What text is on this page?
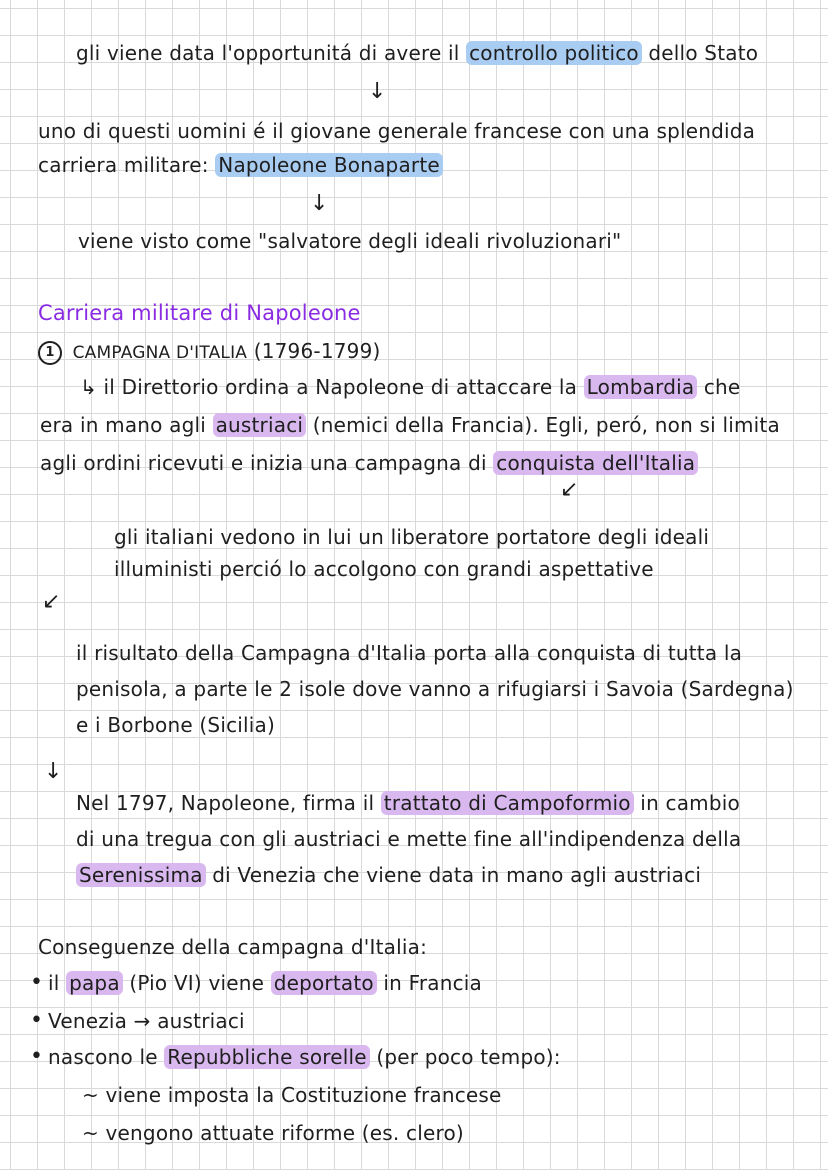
gli viene data l'opportunitá di avere il controllo politico dello Stato
↓
uno di questi uomini é il giovane generale francese con una splendida
carriera militare: Napoleone Bonaparte
↓
viene visto come "salvatore degli ideali rivoluzionari"
Carriera militare di Napoleone
1 CAMPAGNA D'ITALIA (1796-1799)
↳ il Direttorio ordina a Napoleone di attaccare la Lombardia che
era in mano agli austriaci (nemici della Francia). Egli, peró, non si limita
agli ordini ricevuti e inizia una campagna di conquista dell'Italia
↙
gli italiani vedono in lui un liberatore portatore degli ideali
illuministi perció lo accolgono con grandi aspettative
↙
il risultato della Campagna d'Italia porta alla conquista di tutta la
penisola, a parte le 2 isole dove vanno a rifugiarsi i Savoia (Sardegna)
e i Borbone (Sicilia)
↓
Nel 1797, Napoleone, firma il trattato di Campoformio in cambio
di una tregua con gli austriaci e mette fine all'indipendenza della
Serenissima di Venezia che viene data in mano agli austriaci
Conseguenze della campagna d'Italia:
• il papa (Pio VI) viene deportato in Francia
• Venezia → austriaci
• nascono le Repubbliche sorelle (per poco tempo):
~ viene imposta la Costituzione francese
~ vengono attuate riforme (es. clero)
